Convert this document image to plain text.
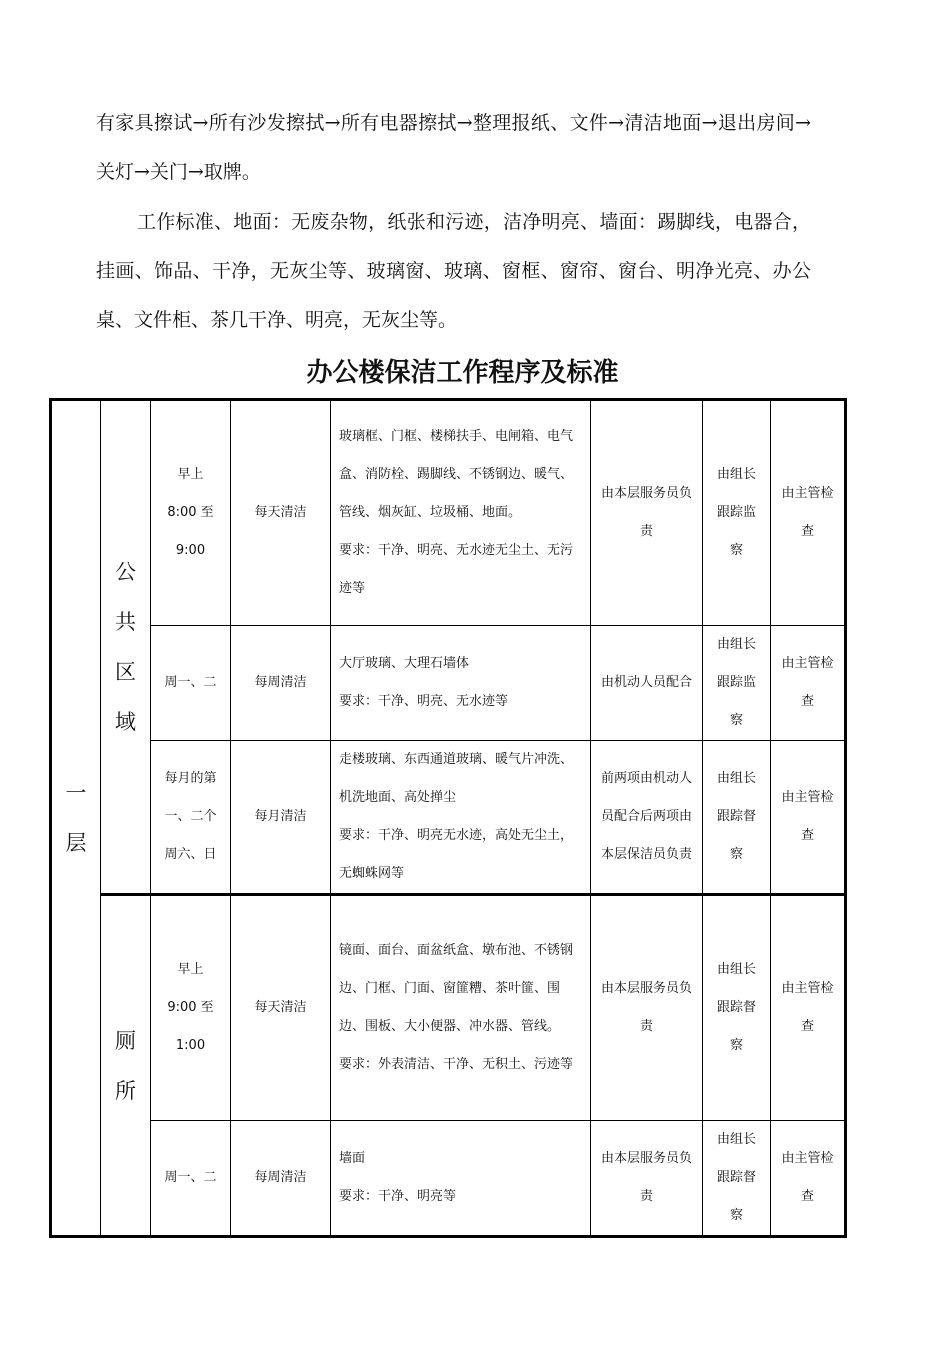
有家具擦试→所有沙发擦拭→所有电器擦拭→整理报纸、文件→清洁地面→退出房间→关灯→关门→取牌。

工作标准、地面：无废杂物，纸张和污迹，洁净明亮、墙面：踢脚线，电器合，挂画、饰品、干净，无灰尘等、玻璃窗、玻璃、窗框、窗帘、窗台、明净光亮、办公桌、文件柜、茶几干净、明亮，无灰尘等。

办公楼保洁工作程序及标准
一层	公共区域	早上
8:00 至
9:00	每天清洁	玻璃框、门框、楼梯扶手、电闸箱、电气盒、消防栓、踢脚线、不锈钢边、暖气、管线、烟灰缸、垃圾桶、地面。
要求：干净、明亮、无水迹无尘土、无污迹等	由本层服务员负责	由组长跟踪监察	由主管检查
		周一、二	每周清洁	大厅玻璃、大理石墙体
要求：干净、明亮、无水迹等	由机动人员配合	由组长跟踪监察	由主管检查
		每月的第一、二个周六、日	每月清洁	走楼玻璃、东西通道玻璃、暖气片冲洗、机洗地面、高处掸尘
要求：干净、明亮无水迹，高处无尘土，无蜘蛛网等	前两项由机动人员配合后两项由本层保洁员负责	由组长跟踪督察	由主管检查
	厕所	早上
9:00 至
1:00	每天清洁	镜面、面台、面盆纸盒、墩布池、不锈钢边、门框、门面、窗篚糟、茶叶篚、围边、围板、大小便器、冲水器、管线。
要求：外表清洁、干净、无积土、污迹等	由本层服务员负责	由组长跟踪督察	由主管检查
		周一、二	每周清洁	墙面
要求：干净、明亮等	由本层服务员负责	由组长跟踪督察	由主管检查
